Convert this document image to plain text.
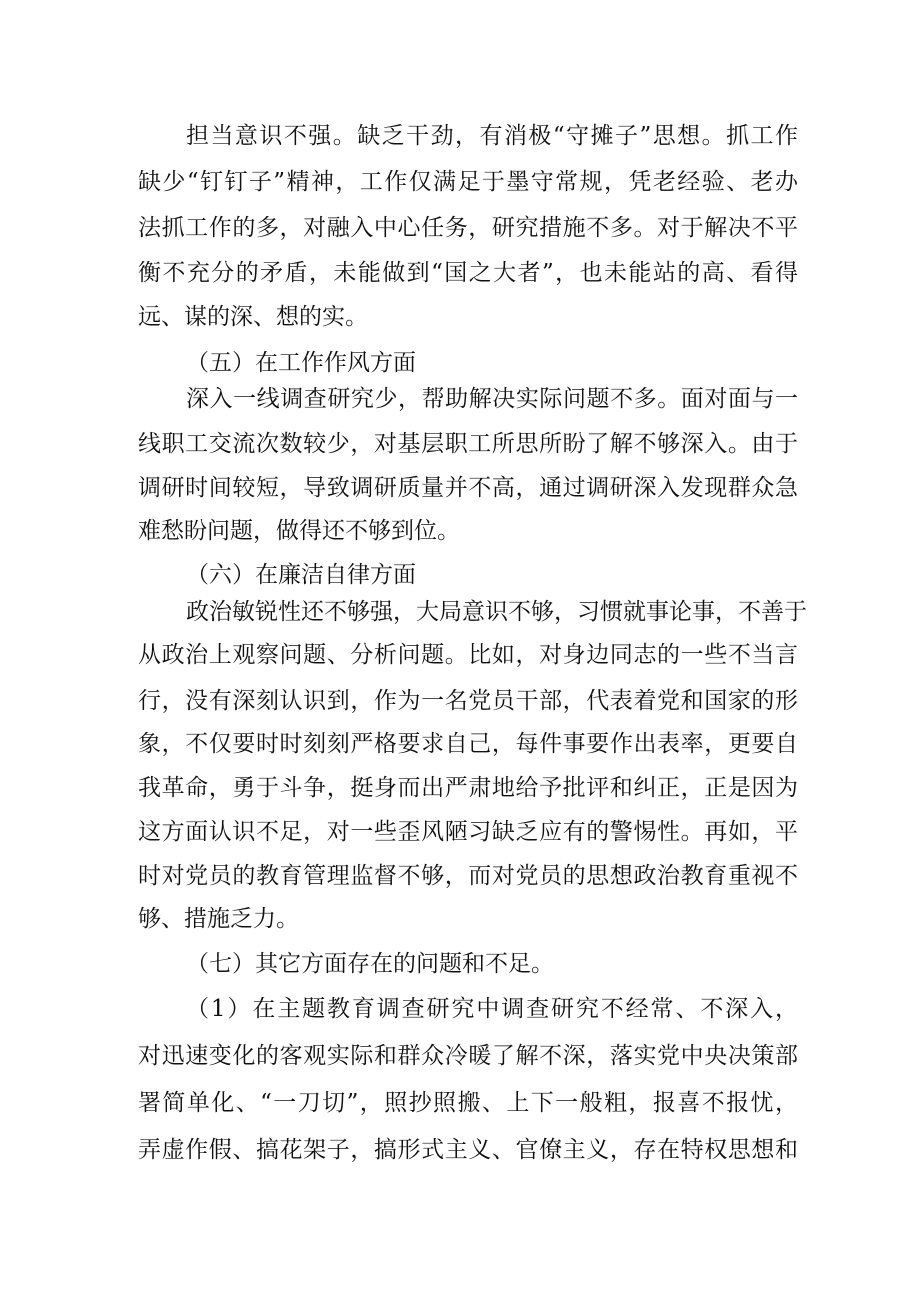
担当意识不强。缺乏干劲，有消极“守摊子”思想。抓工作
缺少“钉钉子”精神，工作仅满足于墨守常规，凭老经验、老办
法抓工作的多，对融入中心任务，研究措施不多。对于解决不平
衡不充分的矛盾，未能做到“国之大者”，也未能站的高、看得
远、谋的深、想的实。
（五）在工作作风方面
深入一线调查研究少，帮助解决实际问题不多。面对面与一
线职工交流次数较少，对基层职工所思所盼了解不够深入。由于
调研时间较短，导致调研质量并不高，通过调研深入发现群众急
难愁盼问题，做得还不够到位。
（六）在廉洁自律方面
政治敏锐性还不够强，大局意识不够，习惯就事论事，不善于
从政治上观察问题、分析问题。比如，对身边同志的一些不当言
行，没有深刻认识到，作为一名党员干部，代表着党和国家的形
象，不仅要时时刻刻严格要求自己，每件事要作出表率，更要自
我革命，勇于斗争，挺身而出严肃地给予批评和纠正，正是因为
这方面认识不足，对一些歪风陋习缺乏应有的警惕性。再如，平
时对党员的教育管理监督不够，而对党员的思想政治教育重视不
够、措施乏力。
（七）其它方面存在的问题和不足。
（1）在主题教育调查研究中调查研究不经常、不深入，
对迅速变化的客观实际和群众冷暖了解不深，落实党中央决策部
署简单化、“一刀切”，照抄照搬、上下一般粗，报喜不报忧，
弄虚作假、搞花架子，搞形式主义、官僚主义，存在特权思想和
